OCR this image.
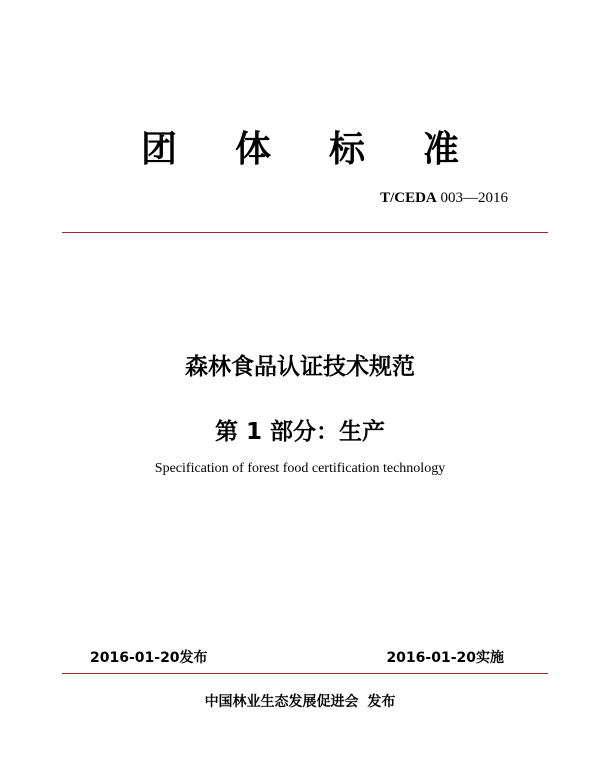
团体标准
T/CEDA 003—2016
森林食品认证技术规范
第 1 部分：生产
Specification of forest food certification technology
2016-01-20发布	2016-01-20实施
中国林业生态发展促进会 发布
